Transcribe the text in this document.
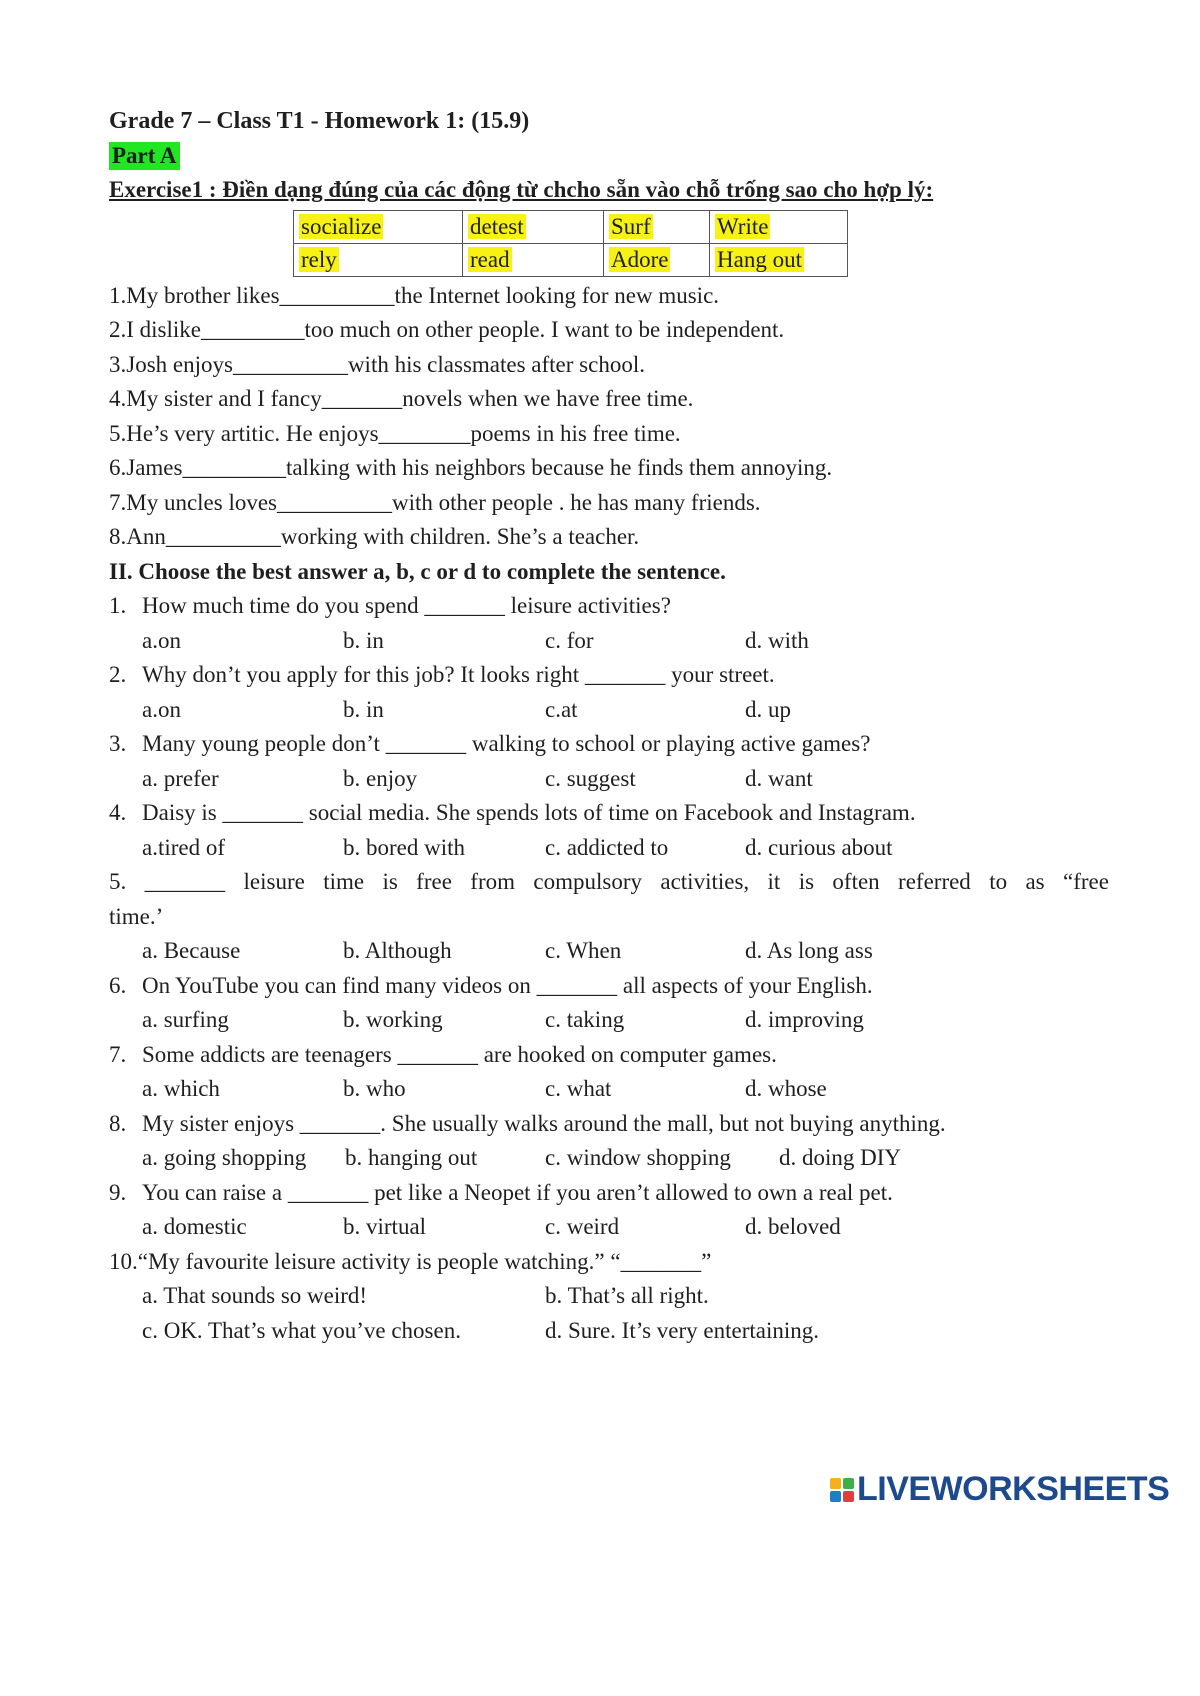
Grade 7 – Class T1 - Homework 1: (15.9)
Part A
Exercise1 : Điền dạng đúng của các động từ chcho sẵn vào chỗ trống sao cho hợp lý:
socialize	detest	Surf	Write
rely	read	Adore	Hang out
1.My brother likes__________the Internet looking for new music.
2.I dislike_________too much on other people. I want to be independent.
3.Josh enjoys__________with his classmates after school.
4.My sister and I fancy_______novels when we have free time.
5.He’s very artitic. He enjoys________poems in his free time.
6.James_________talking with his neighbors because he finds them annoying.
7.My uncles loves__________with other people . he has many friends.
8.Ann__________working with children. She’s a teacher.
II. Choose the best answer a, b, c or d to complete the sentence.
1. How much time do you spend _______ leisure activities?
a.on	b. in	c. for	d. with
2. Why don’t you apply for this job? It looks right _______ your street.
a.on	b. in	c.at	d. up
3. Many young people don’t _______ walking to school or playing active games?
a. prefer	b. enjoy	c. suggest	d. want
4. Daisy is _______ social media. She spends lots of time on Facebook and Instagram.
a.tired of	b. bored with	c. addicted to	d. curious about
5. _______ leisure time is free from compulsory activities, it is often referred to as “free
time.’
a. Because	b. Although	c. When	d. As long ass
6. On YouTube you can find many videos on _______ all aspects of your English.
a. surfing	b. working	c. taking	d. improving
7. Some addicts are teenagers _______ are hooked on computer games.
a. which	b. who	c. what	d. whose
8. My sister enjoys _______. She usually walks around the mall, but not buying anything.
a. going shopping b. hanging out	c. window shopping d. doing DIY
9. You can raise a _______ pet like a Neopet if you aren’t allowed to own a real pet.
a. domestic	b. virtual	c. weird	d. beloved
10.“My favourite leisure activity is people watching.” “_______”
a. That sounds so weird!	b. That’s all right.
c. OK. That’s what you’ve chosen.	d. Sure. It’s very entertaining.
LIVEWORKSHEETS
